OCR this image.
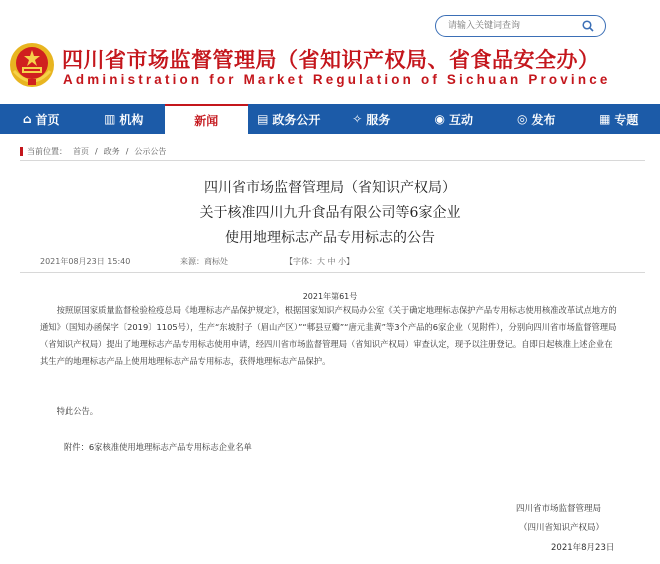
请输入关键词查询
四川省市场监督管理局（省知识产权局、省食品安全办）
Administration for Market Regulation of Sichuan Province
⌂ 首页	▥ 机构	新闻	▤ 政务公开	✧ 服务	◉ 互动	◎ 发布	▦ 专题
当前位置： 首页 / 政务 / 公示公告
四川省市场监督管理局（省知识产权局）
关于核准四川九升食品有限公司等6家企业
使用地理标志产品专用标志的公告
2021年08月23日 15:40	来源：商标处	【字体：大 中 小】
2021年第61号
按照原国家质量监督检验检疫总局《地理标志产品保护规定》，根据国家知识产权局办公室《关于确定地理标志保护产品专用标志使用核准改革试点地方的通知》（国知办函保字〔2019〕1105号），生产“东坡肘子（眉山产区）”“郫县豆瓣”“唐元韭黄”等3个产品的6家企业（见附件），分别向四川省市场监督管理局（省知识产权局）提出了地理标志产品专用标志使用申请，经四川省市场监督管理局（省知识产权局）审查认定，现予以注册登记。自即日起核准上述企业在其生产的地理标志产品上使用地理标志产品专用标志，获得地理标志产品保护。
特此公告。
附件：6家核准使用地理标志产品专用标志企业名单
四川省市场监督管理局
（四川省知识产权局）
2021年8月23日
